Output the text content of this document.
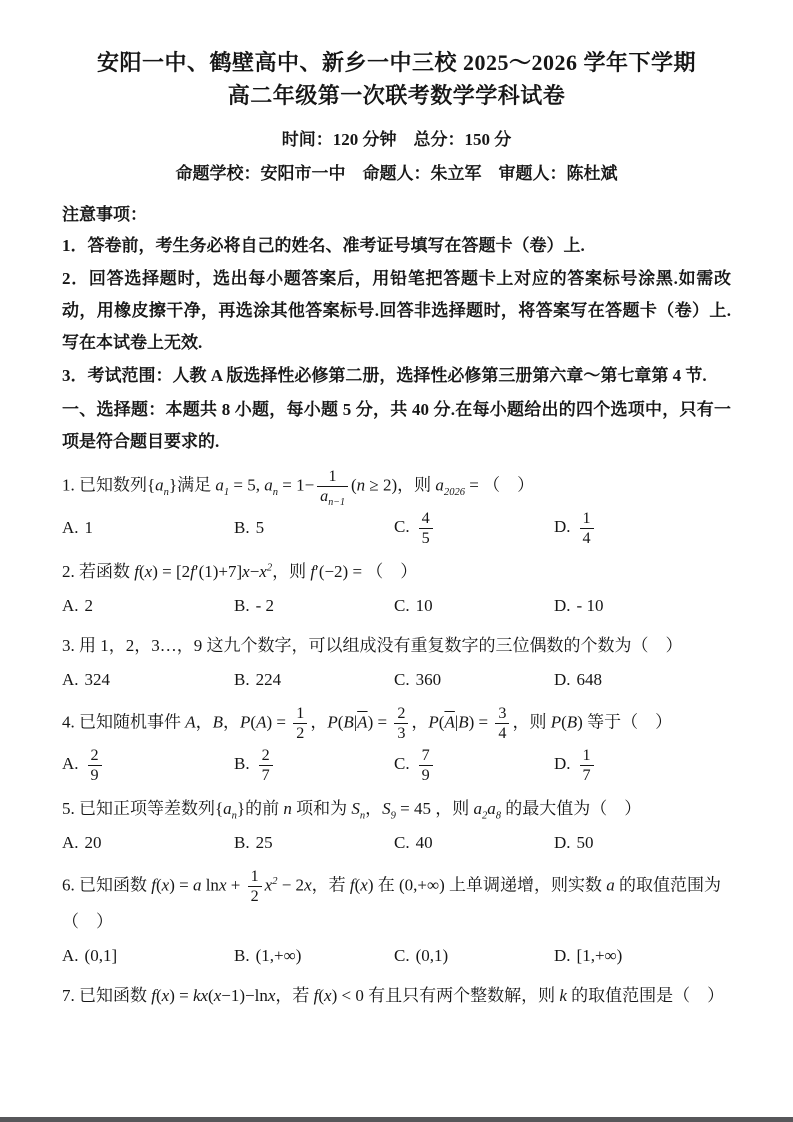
安阳一中、鹤壁高中、新乡一中三校 2025～2026 学年下学期
高二年级第一次联考数学学科试卷
时间：120 分钟　总分：150 分
命题学校：安阳市一中　命题人：朱立军　审题人：陈杜斌
注意事项：
1．答卷前，考生务必将自己的姓名、准考证号填写在答题卡（卷）上.
2．回答选择题时，选出每小题答案后，用铅笔把答题卡上对应的答案标号涂黑.如需改动，用橡皮擦干净，再选涂其他答案标号.回答非选择题时，将答案写在答题卡（卷）上.写在本试卷上无效.
3．考试范围：人教 A 版选择性必修第二册，选择性必修第三册第六章～第七章第 4 节.
一、选择题：本题共 8 小题，每小题 5 分，共 40 分.在每小题给出的四个选项中，只有一项是符合题目要求的.
1. 已知数列$\{a_n\}$满足 $a_1 = 5$, $a_n = 1- \frac{1}{a_{n-1}} (n \ge 2)$，则 $a_{2026}$ = （　）
A. 1	B. 5	C. $\frac{4}{5}$	D. $\frac{1}{4}$
2. 若函数 $f(x) = [2f'(1)+7]x-x^2$，则 f′(−2) = （　）
A. 2	B. - 2	C. 10	D. - 10
3. 用 1，2，3…，9 这九个数字，可以组成没有重复数字的三位偶数的个数为（　）
A. 324	B. 224	C. 360	D. 648
4. 已知随机事件 A，B，$P(A) = \frac{1}{2}$ ，$P(B|\overline{A}) = \frac{2}{3}$ ，$P(\overline{A}|B) = \frac{3}{4}$ ，则 P(B) 等于（　）
A. $\frac{2}{9}$	B. $\frac{2}{7}$	C. $\frac{7}{9}$	D. $\frac{1}{7}$
5. 已知正项等差数列$\{a_n\}$的前 n 项和为 $S_n$，$S_9 = 45$ ，则 $a_2a_8$ 的最大值为（　）
A. 20	B. 25	C. 40	D. 50
6. 已知函数 f(x) = a $\ln x + \frac{1}{2} x^2 - 2x$，若 f(x) 在 (0,+∞) 上单调递增，则实数 a 的取值范围为（　）
A. (0,1]	B. (1,+∞)	C. (0,1)	D. [1,+∞)
7. 已知函数 f(x) = kx(x−1)−lnx，若 f(x) < 0 有且只有两个整数解，则 k 的取值范围是（　）
